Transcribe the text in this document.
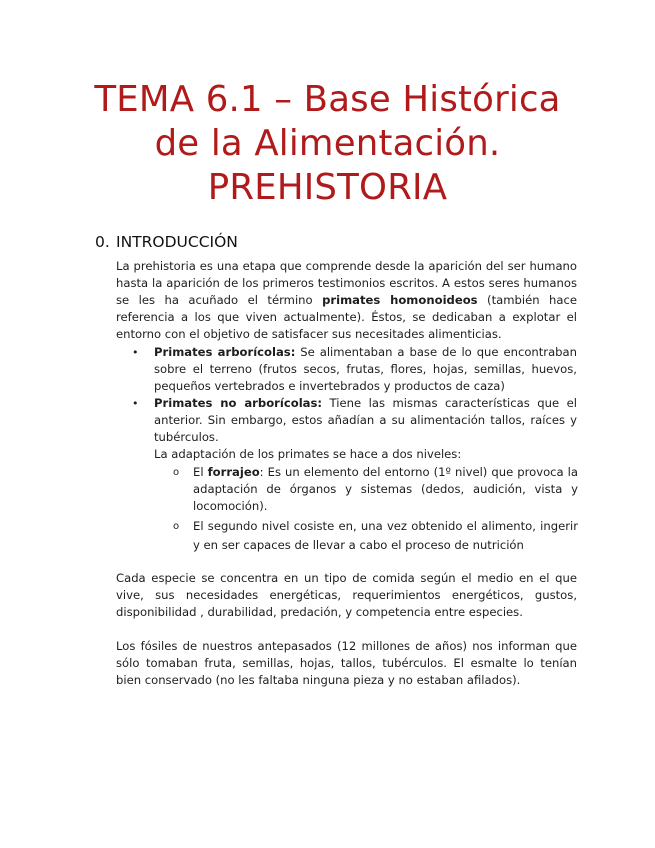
TEMA 6.1 – Base Histórica
de la Alimentación.
PREHISTORIA
0. INTRODUCCIÓN
La prehistoria es una etapa que comprende desde la aparición del ser humano hasta la aparición de los primeros testimonios escritos. A estos seres humanos se les ha acuñado el término primates homonoideos (también hace referencia a los que viven actualmente). Éstos, se dedicaban a explotar el entorno con el objetivo de satisfacer sus necesitades alimenticias.
• Primates arborícolas: Se alimentaban a base de lo que encontraban sobre el terreno (frutos secos, frutas, flores, hojas, semillas, huevos, pequeños vertebrados e invertebrados y productos de caza)
• Primates no arborícolas: Tiene las mismas características que el anterior. Sin embargo, estos añadían a su alimentación tallos, raíces y tubérculos.
La adaptación de los primates se hace a dos niveles:
o El forrajeo: Es un elemento del entorno (1º nivel) que provoca la adaptación de órganos y sistemas (dedos, audición, vista y locomoción).
o El segundo nivel cosiste en, una vez obtenido el alimento, ingerir y en ser capaces de llevar a cabo el proceso de nutrición
Cada especie se concentra en un tipo de comida según el medio en el que vive, sus necesidades energéticas, requerimientos energéticos, gustos, disponibilidad , durabilidad, predación, y competencia entre especies.
Los fósiles de nuestros antepasados (12 millones de años) nos informan que sólo tomaban fruta, semillas, hojas, tallos, tubérculos. El esmalte lo tenían bien conservado (no les faltaba ninguna pieza y no estaban afilados).
